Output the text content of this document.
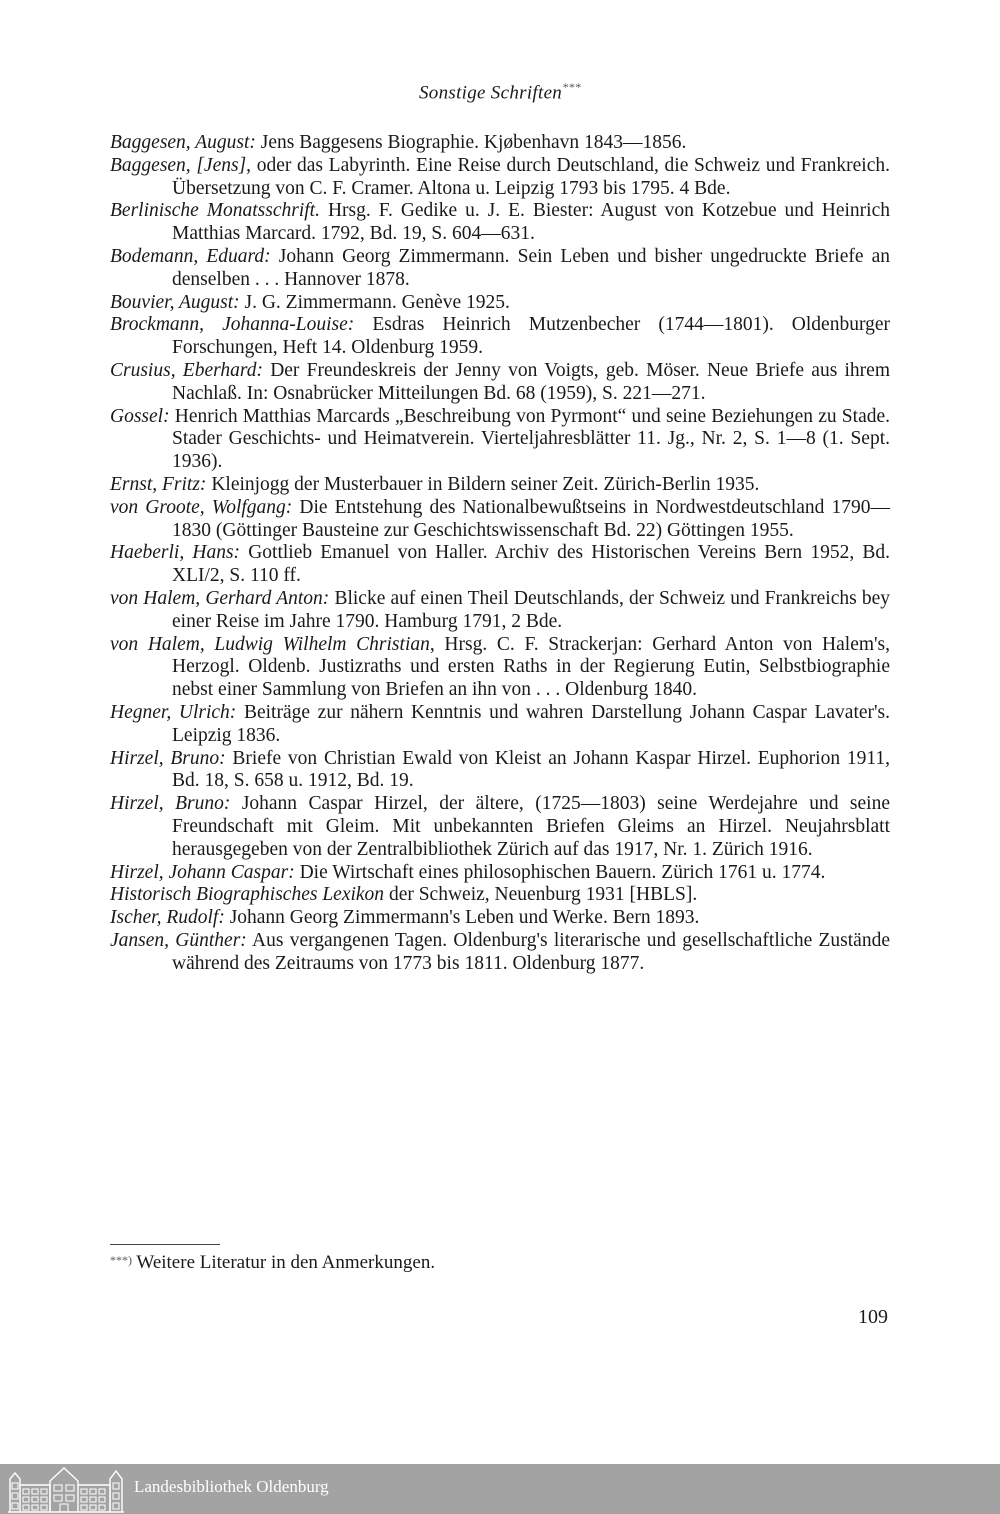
Sonstige Schriften***

Baggesen, August: Jens Baggesens Biographie. Kjøbenhavn 1843—1856.

Baggesen, [Jens], oder das Labyrinth. Eine Reise durch Deutschland, die Schweiz und Frankreich. Übersetzung von C. F. Cramer. Altona u. Leipzig 1793 bis 1795. 4 Bde.

Berlinische Monatsschrift. Hrsg. F. Gedike u. J. E. Biester: August von Kotzebue und Heinrich Matthias Marcard. 1792, Bd. 19, S. 604—631.

Bodemann, Eduard: Johann Georg Zimmermann. Sein Leben und bisher ungedruckte Briefe an denselben . . . Hannover 1878.

Bouvier, August: J. G. Zimmermann. Genève 1925.

Brockmann, Johanna-Louise: Esdras Heinrich Mutzenbecher (1744—1801). Oldenburger Forschungen, Heft 14. Oldenburg 1959.

Crusius, Eberhard: Der Freundeskreis der Jenny von Voigts, geb. Möser. Neue Briefe aus ihrem Nachlaß. In: Osnabrücker Mitteilungen Bd. 68 (1959), S. 221—271.

Gossel: Henrich Matthias Marcards „Beschreibung von Pyrmont“ und seine Beziehungen zu Stade. Stader Geschichts- und Heimatverein. Vierteljahresblätter 11. Jg., Nr. 2, S. 1—8 (1. Sept. 1936).

Ernst, Fritz: Kleinjogg der Musterbauer in Bildern seiner Zeit. Zürich-Berlin 1935.

von Groote, Wolfgang: Die Entstehung des Nationalbewußtseins in Nordwestdeutschland 1790—1830 (Göttinger Bausteine zur Geschichtswissenschaft Bd. 22) Göttingen 1955.

Haeberli, Hans: Gottlieb Emanuel von Haller. Archiv des Historischen Vereins Bern 1952, Bd. XLI/2, S. 110 ff.

von Halem, Gerhard Anton: Blicke auf einen Theil Deutschlands, der Schweiz und Frankreichs bey einer Reise im Jahre 1790. Hamburg 1791, 2 Bde.

von Halem, Ludwig Wilhelm Christian, Hrsg. C. F. Strackerjan: Gerhard Anton von Halem's, Herzogl. Oldenb. Justizraths und ersten Raths in der Regierung Eutin, Selbstbiographie nebst einer Sammlung von Briefen an ihn von . . . Oldenburg 1840.

Hegner, Ulrich: Beiträge zur nähern Kenntnis und wahren Darstellung Johann Caspar Lavater's. Leipzig 1836.

Hirzel, Bruno: Briefe von Christian Ewald von Kleist an Johann Kaspar Hirzel. Euphorion 1911, Bd. 18, S. 658 u. 1912, Bd. 19.

Hirzel, Bruno: Johann Caspar Hirzel, der ältere, (1725—1803) seine Werdejahre und seine Freundschaft mit Gleim. Mit unbekannten Briefen Gleims an Hirzel. Neujahrsblatt herausgegeben von der Zentralbibliothek Zürich auf das 1917, Nr. 1. Zürich 1916.

Hirzel, Johann Caspar: Die Wirtschaft eines philosophischen Bauern. Zürich 1761 u. 1774.

Historisch Biographisches Lexikon der Schweiz, Neuenburg 1931 [HBLS].

Ischer, Rudolf: Johann Georg Zimmermann's Leben und Werke. Bern 1893.

Jansen, Günther: Aus vergangenen Tagen. Oldenburg's literarische und gesellschaftliche Zustände während des Zeitraums von 1773 bis 1811. Oldenburg 1877.

***) Weitere Literatur in den Anmerkungen.
109
Landesbibliothek Oldenburg
